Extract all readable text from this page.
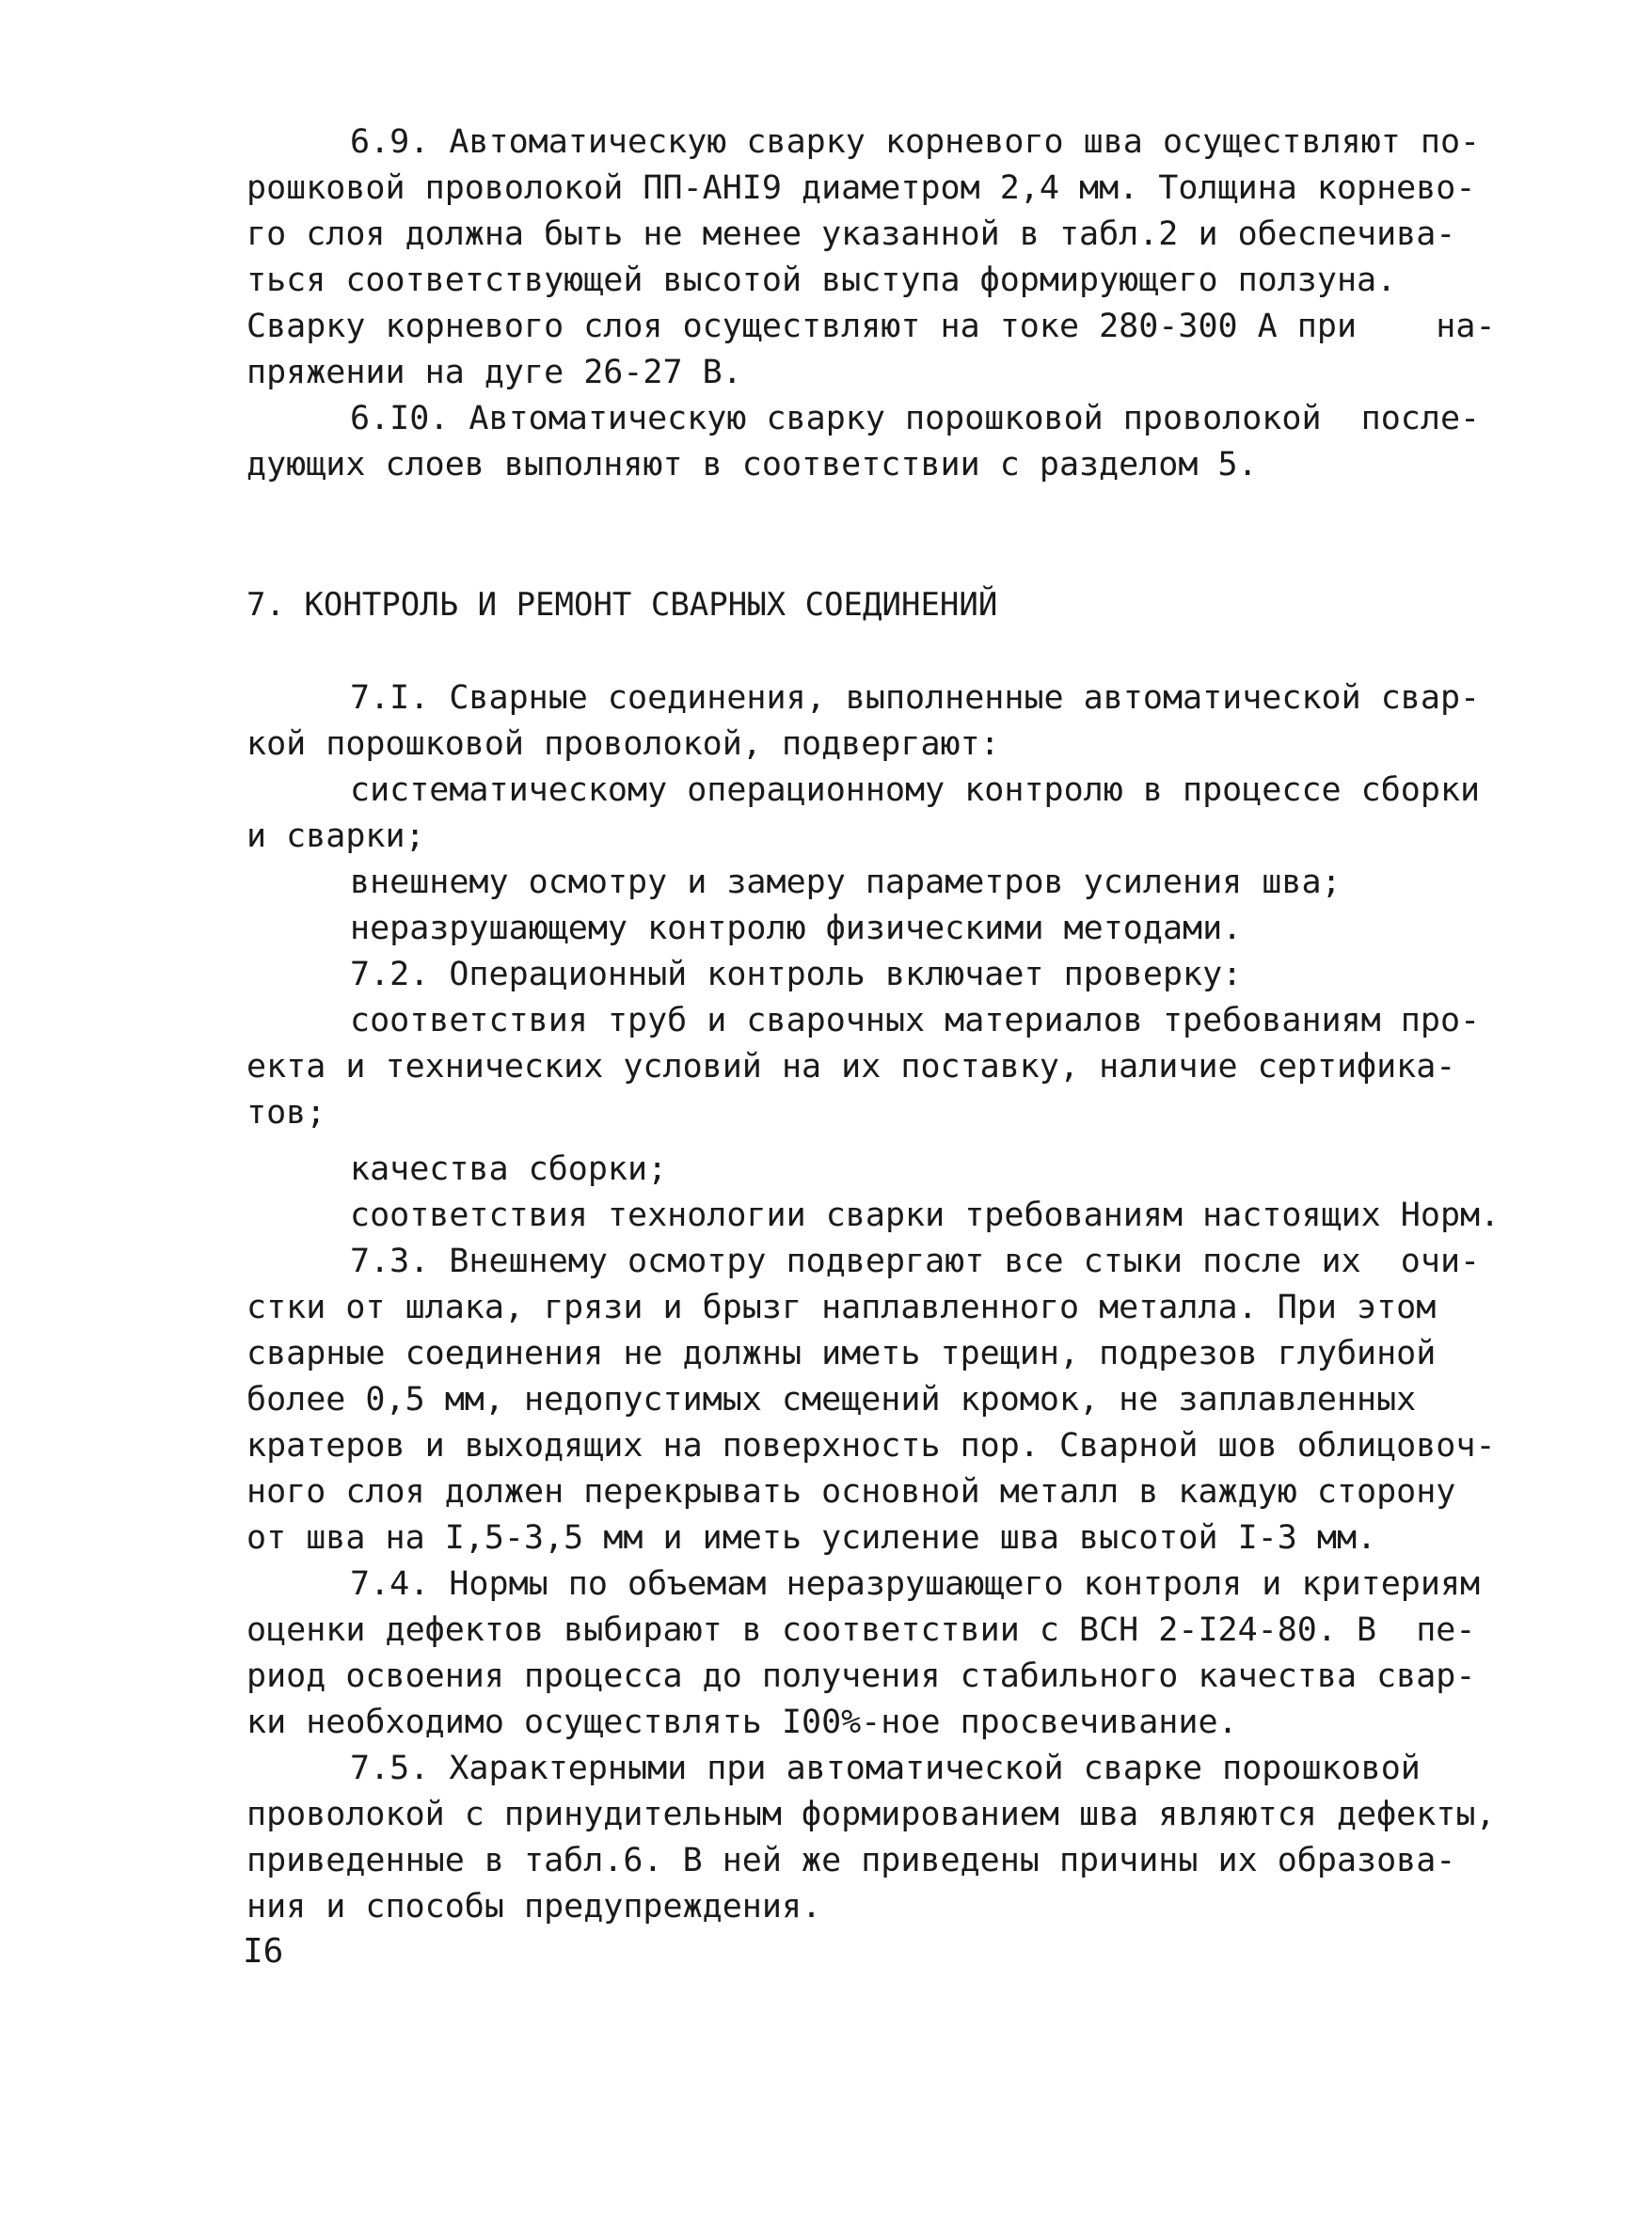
6.9. Автоматическую сварку корневого шва осуществляют по-
рошковой проволокой ПП-АНI9 диаметром 2,4 мм. Толщина корнево-
го слоя должна быть не менее указанной в табл.2 и обеспечива-
ться соответствующей высотой выступа формирующего ползуна.
Сварку корневого слоя осуществляют на токе 280-300 А при    на-
пряжении на дуге 26-27 В.
6.I0. Автоматическую сварку порошковой проволокой  после-
дующих слоев выполняют в соответствии с разделом 5.
7. КОНТРОЛЬ И РЕМОНТ СВАРНЫХ СОЕДИНЕНИЙ
7.I. Сварные соединения, выполненные автоматической свар-
кой порошковой проволокой, подвергают:
систематическому операционному контролю в процессе сборки
и сварки;
внешнему осмотру и замеру параметров усиления шва;
неразрушающему контролю физическими методами.
7.2. Операционный контроль включает проверку:
соответствия труб и сварочных материалов требованиям про-
екта и технических условий на их поставку, наличие сертифика-
тов;
качества сборки;
соответствия технологии сварки требованиям настоящих Норм.
7.3. Внешнему осмотру подвергают все стыки после их  очи-
стки от шлака, грязи и брызг наплавленного металла. При этом
сварные соединения не должны иметь трещин, подрезов глубиной
более 0,5 мм, недопустимых смещений кромок, не заплавленных
кратеров и выходящих на поверхность пор. Сварной шов облицовоч-
ного слоя должен перекрывать основной металл в каждую сторону
от шва на I,5-3,5 мм и иметь усиление шва высотой I-3 мм.
7.4. Нормы по объемам неразрушающего контроля и критериям
оценки дефектов выбирают в соответствии с ВСН 2-I24-80. В  пе-
риод освоения процесса до получения стабильного качества свар-
ки необходимо осуществлять I00%-ное просвечивание.
7.5. Характерными при автоматической сварке порошковой
проволокой с принудительным формированием шва являются дефекты,
приведенные в табл.6. В ней же приведены причины их образова-
ния и способы предупреждения.
I6
